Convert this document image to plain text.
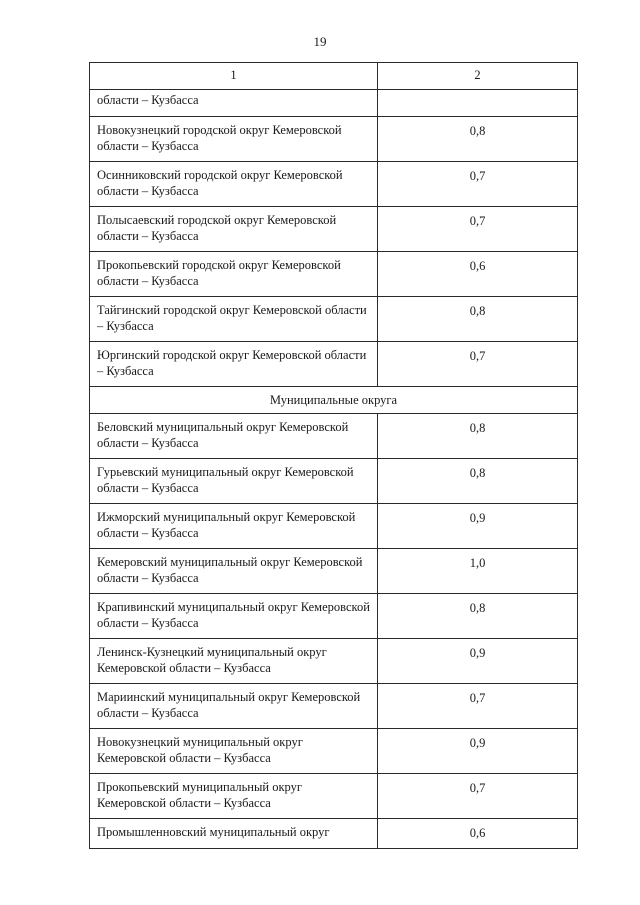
19
1	2
области – Кузбасса	
Новокузнецкий городской округ Кемеровской области – Кузбасса	0,8
Осинниковский городской округ Кемеровской области – Кузбасса	0,7
Полысаевский городской округ Кемеровской области – Кузбасса	0,7
Прокопьевский городской округ Кемеровской области – Кузбасса	0,6
Тайгинский городской округ Кемеровской области – Кузбасса	0,8
Юргинский городской округ Кемеровской области – Кузбасса	0,7
Муниципальные округа	
Беловский муниципальный округ Кемеровской области – Кузбасса	0,8
Гурьевский муниципальный округ Кемеровской области – Кузбасса	0,8
Ижморский муниципальный округ Кемеровской области – Кузбасса	0,9
Кемеровский муниципальный округ Кемеровской области – Кузбасса	1,0
Крапивинский муниципальный округ Кемеровской области – Кузбасса	0,8
Ленинск-Кузнецкий муниципальный округ Кемеровской области – Кузбасса	0,9
Мариинский муниципальный округ Кемеровской области – Кузбасса	0,7
Новокузнецкий муниципальный округ Кемеровской области – Кузбасса	0,9
Прокопьевский муниципальный округ Кемеровской области – Кузбасса	0,7
Промышленновский муниципальный округ	0,6
